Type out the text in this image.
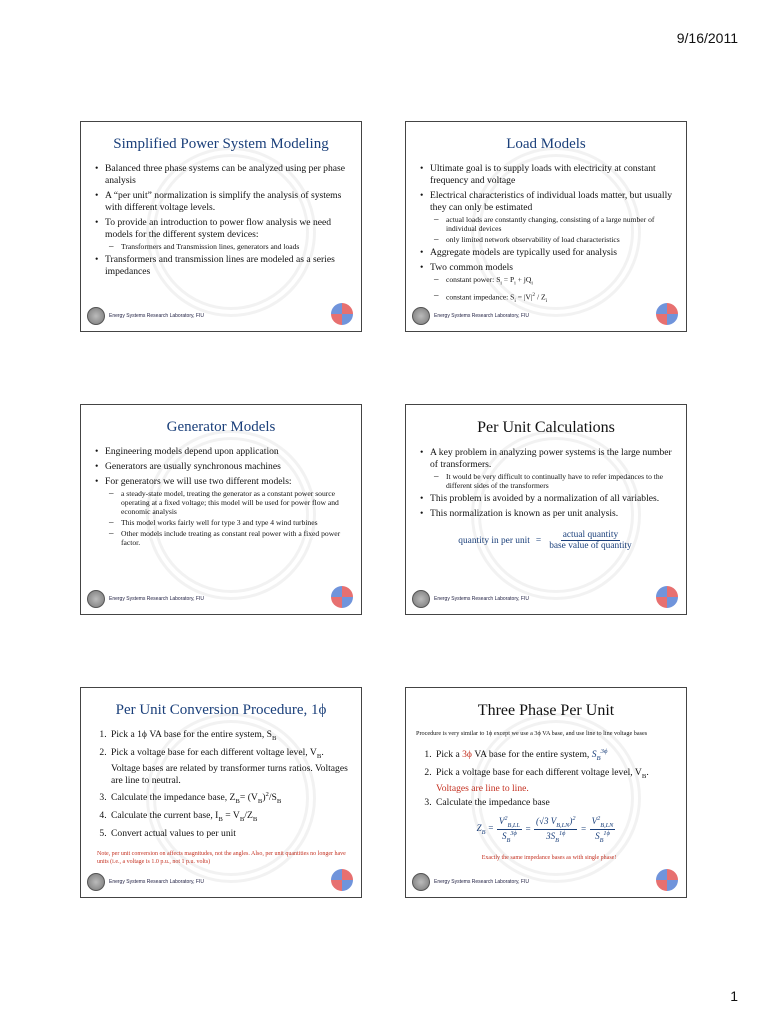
9/16/2011
Simplified Power System Modeling
• Balanced three phase systems can be analyzed using per phase analysis
• A “per unit” normalization is simplify the analysis of systems with different voltage levels.
• To provide an introduction to power flow analysis we need models for the different system devices:
– Transformers and Transmission lines, generators and loads
• Transformers and transmission lines are modeled as a series impedances
Energy Systems Research Laboratory, FIU
Load Models
• Ultimate goal is to supply loads with electricity at constant frequency and voltage
• Electrical characteristics of individual loads matter, but usually they can only be estimated
– actual loads are constantly changing, consisting of a large number of individual devices
– only limited network observability of load characteristics
• Aggregate models are typically used for analysis
• Two common models
– constant power: $S_i = P_i + jQ_i$
– constant impedance: $S_i = |V|^2 / Z_i$
Energy Systems Research Laboratory, FIU
Generator Models
• Engineering models depend upon application
• Generators are usually synchronous machines
• For generators we will use two different models:
– a steady-state model, treating the generator as a constant power source operating at a fixed voltage; this model will be used for power flow and economic analysis
– This model works fairly well for type 3 and type 4 wind turbines
– Other models include treating as constant real power with a fixed power factor.
Energy Systems Research Laboratory, FIU
Per Unit Calculations
• A key problem in analyzing power systems is the large number of transformers.
– It would be very difficult to continually have to refer impedances to the different sides of the transformers
• This problem is avoided by a normalization of all variables.
• This normalization is known as per unit analysis.
quantity in per unit = $\frac{\text{actual quantity}}{\text{base value of quantity}}$
Energy Systems Research Laboratory, FIU
Per Unit Conversion Procedure, 1ϕ
1. Pick a 1ϕ VA base for the entire system, $S_B$
2. Pick a voltage base for each different voltage level, $V_B$. Voltage bases are related by transformer turns ratios. Voltages are line to neutral.
3. Calculate the impedance base, $Z_B= (V_B)^2/S_B$
4. Calculate the current base, $I_B = V_B/Z_B$
5. Convert actual values to per unit
Note, per unit conversion on affects magnitudes, not the angles. Also, per unit quantities no longer have units (i.e., a voltage is 1.0 p.u., not 1 p.u. volts)
Energy Systems Research Laboratory, FIU
Three Phase Per Unit
Procedure is very similar to 1ϕ except we use a 3ϕ VA base, and use line to line voltage bases
1. Pick a 3ϕ VA base for the entire system, $S_B^{3\phi}$
2. Pick a voltage base for each different voltage level, $V_B$. Voltages are line to line.
3. Calculate the impedance base
$Z_B = \frac{V^2_{B,LL}}{S_B^{3\phi}} = \frac{(√3 V_{B,LN})^2}{3S_B^{1\phi}} = \frac{V^2_{B,LN}}{S_B^{1\phi}}$
Exactly the same impedance bases as with single phase!
Energy Systems Research Laboratory, FIU
1
